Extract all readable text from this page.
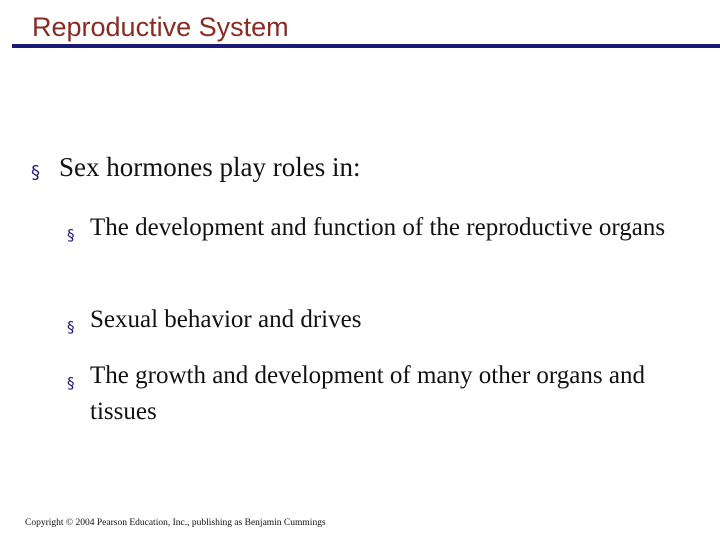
Reproductive System
§ Sex hormones play roles in:
§ The development and function of the reproductive organs
§ Sexual behavior and drives
§ The growth and development of many other organs and tissues
Copyright © 2004 Pearson Education, Inc., publishing as Benjamin Cummings
